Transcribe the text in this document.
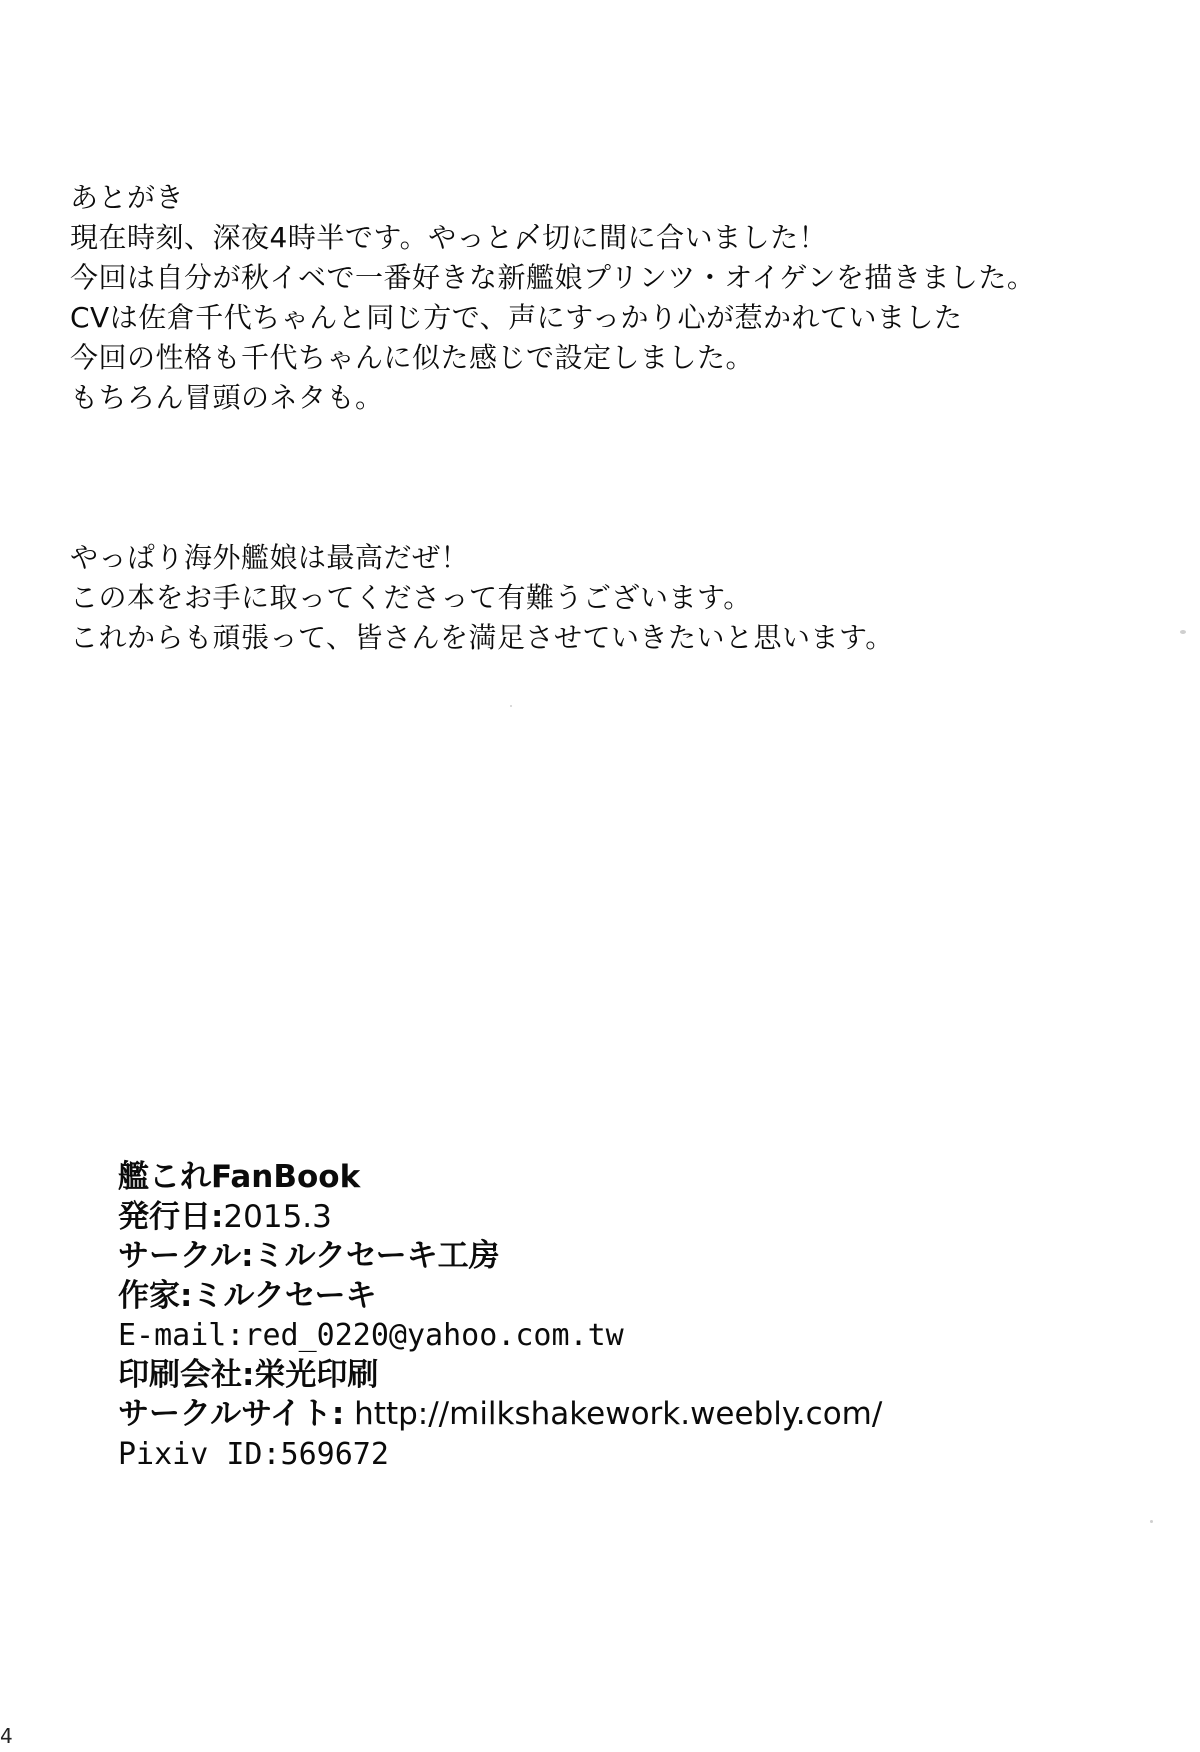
あとがき
現在時刻、深夜4時半です。やっと〆切に間に合いました！
今回は自分が秋イベで一番好きな新艦娘プリンツ・オイゲンを描きました。
CVは佐倉千代ちゃんと同じ方で、声にすっかり心が惹かれていました
今回の性格も千代ちゃんに似た感じで設定しました。
もちろん冒頭のネタも。
やっぱり海外艦娘は最高だぜ！
この本をお手に取ってくださって有難うございます。
これからも頑張って、皆さんを満足させていきたいと思います。
艦これFanBook
発行日:2015.3
サークル:ミルクセーキ工房
作家:ミルクセーキ
E-mail:red_0220@yahoo.com.tw
印刷会社:栄光印刷
サークルサイト: http://milkshakework.weebly.com/
Pixiv ID:569672
4
